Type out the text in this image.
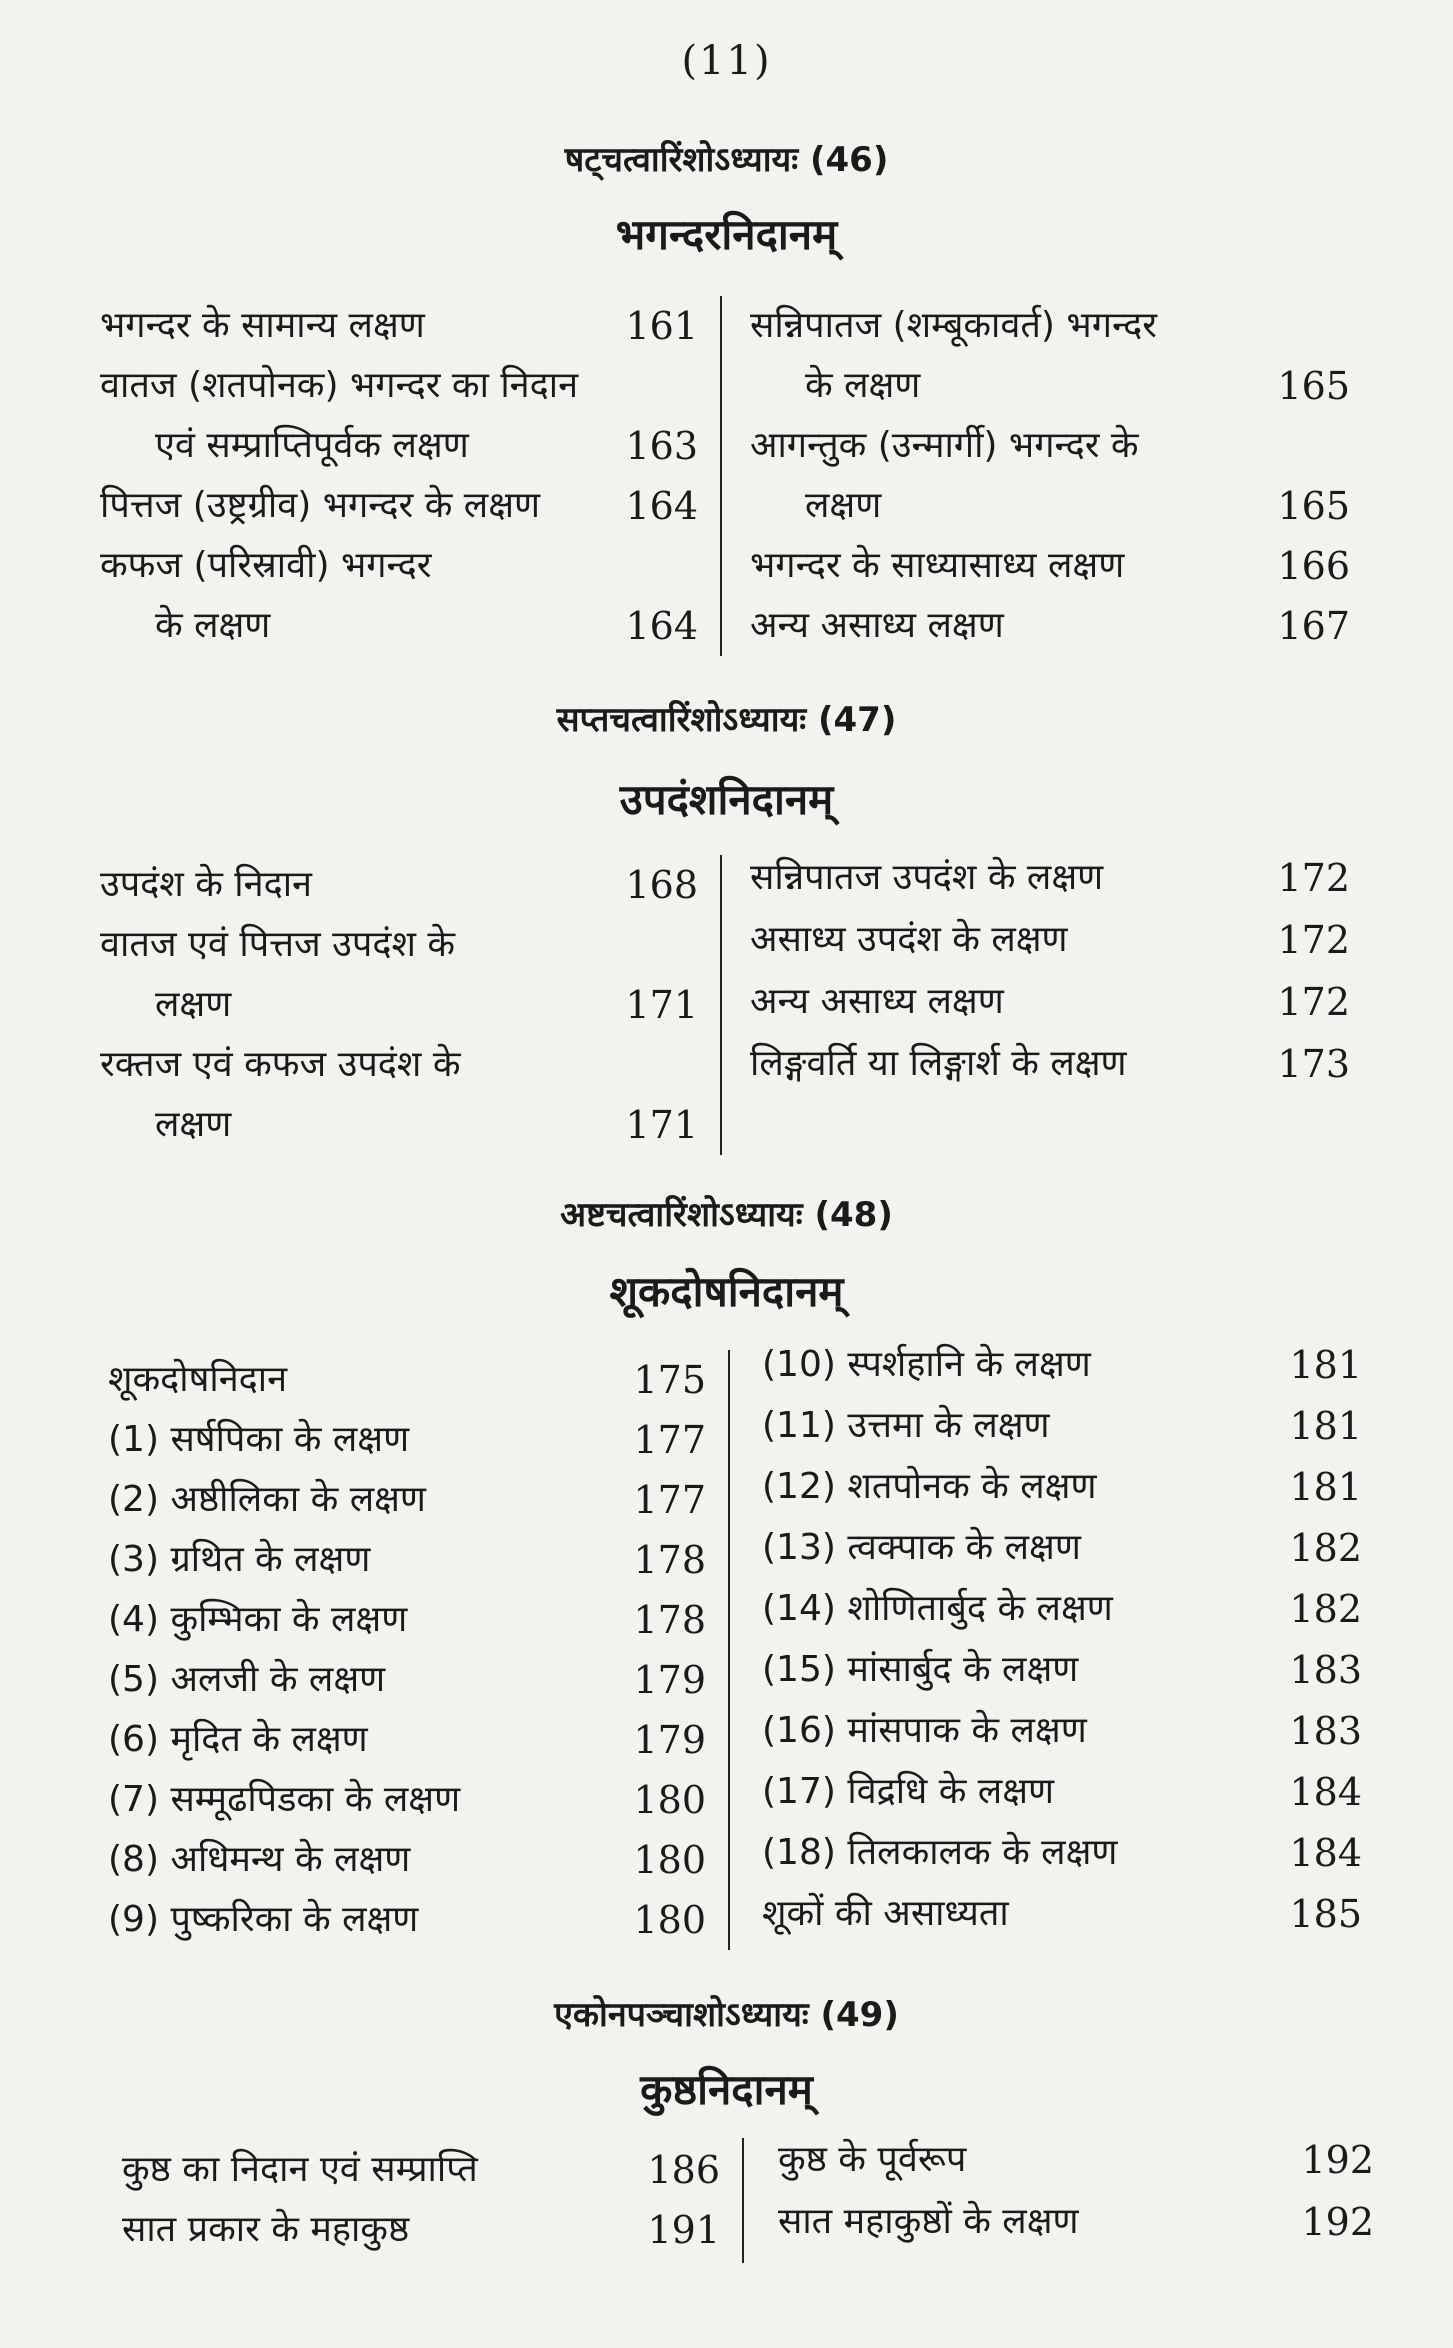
(11)
षट्चत्वारिंशोऽध्यायः (46)
भगन्दरनिदानम्
भगन्दर के सामान्य लक्षण	161
वातज (शतपोनक) भगन्दर का निदान
एवं सम्प्राप्तिपूर्वक लक्षण	163
पित्तज (उष्ट्रग्रीव) भगन्दर के लक्षण 164
कफज (परिस्रावी) भगन्दर
के लक्षण	164
सन्निपातज (शम्बूकावर्त) भगन्दर
के लक्षण	165
आगन्तुक (उन्मार्गी) भगन्दर के
लक्षण	165
भगन्दर के साध्यासाध्य लक्षण	166
अन्य असाध्य लक्षण	167
सप्तचत्वारिंशोऽध्यायः (47)
उपदंशनिदानम्
उपदंश के निदान	168
वातज एवं पित्तज उपदंश के
लक्षण	171
रक्तज एवं कफज उपदंश के
लक्षण	171
सन्निपातज उपदंश के लक्षण	172
असाध्य उपदंश के लक्षण	172
अन्य असाध्य लक्षण	172
लिङ्गवर्ति या लिङ्गार्श के लक्षण	173
अष्टचत्वारिंशोऽध्यायः (48)
शूकदोषनिदानम्
शूकदोषनिदान	175
(1) सर्षपिका के लक्षण	177
(2) अष्ठीलिका के लक्षण	177
(3) ग्रथित के लक्षण	178
(4) कुम्भिका के लक्षण	178
(5) अलजी के लक्षण	179
(6) मृदित के लक्षण	179
(7) सम्मूढपिडका के लक्षण	180
(8) अधिमन्थ के लक्षण	180
(9) पुष्करिका के लक्षण	180
(10) स्पर्शहानि के लक्षण	181
(11) उत्तमा के लक्षण	181
(12) शतपोनक के लक्षण	181
(13) त्वक्पाक के लक्षण	182
(14) शोणितार्बुद के लक्षण	182
(15) मांसार्बुद के लक्षण	183
(16) मांसपाक के लक्षण	183
(17) विद्रधि के लक्षण	184
(18) तिलकालक के लक्षण	184
शूकों की असाध्यता	185
एकोनपञ्चाशोऽध्यायः (49)
कुष्ठनिदानम्
कुष्ठ का निदान एवं सम्प्राप्ति	186
सात प्रकार के महाकुष्ठ	191
कुष्ठ के पूर्वरूप	192
सात महाकुष्ठों के लक्षण	192
